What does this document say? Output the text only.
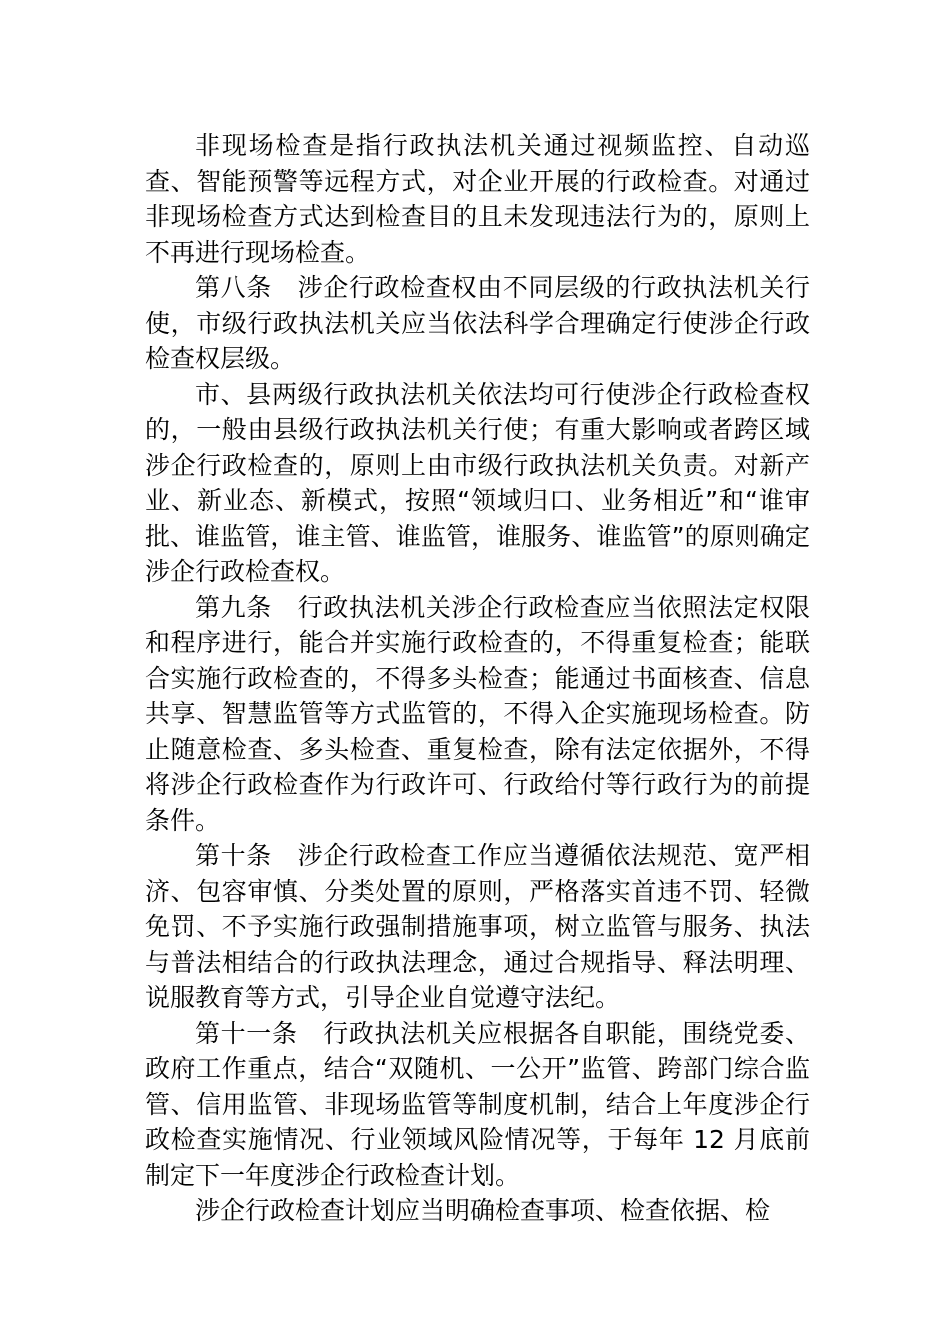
非现场检查是指行政执法机关通过视频监控、自动巡查、智能预警等远程方式，对企业开展的行政检查。对通过非现场检查方式达到检查目的且未发现违法行为的，原则上不再进行现场检查。

第八条　涉企行政检查权由不同层级的行政执法机关行使，市级行政执法机关应当依法科学合理确定行使涉企行政检查权层级。

市、县两级行政执法机关依法均可行使涉企行政检查权的，一般由县级行政执法机关行使；有重大影响或者跨区域涉企行政检查的，原则上由市级行政执法机关负责。对新产业、新业态、新模式，按照“领域归口、业务相近”和“谁审批、谁监管，谁主管、谁监管，谁服务、谁监管”的原则确定涉企行政检查权。

第九条　行政执法机关涉企行政检查应当依照法定权限和程序进行，能合并实施行政检查的，不得重复检查；能联合实施行政检查的，不得多头检查；能通过书面核查、信息共享、智慧监管等方式监管的，不得入企实施现场检查。防止随意检查、多头检查、重复检查，除有法定依据外，不得将涉企行政检查作为行政许可、行政给付等行政行为的前提条件。

第十条　涉企行政检查工作应当遵循依法规范、宽严相济、包容审慎、分类处置的原则，严格落实首违不罚、轻微免罚、不予实施行政强制措施事项，树立监管与服务、执法与普法相结合的行政执法理念，通过合规指导、释法明理、说服教育等方式，引导企业自觉遵守法纪。

第十一条　行政执法机关应根据各自职能，围绕党委、政府工作重点，结合“双随机、一公开”监管、跨部门综合监管、信用监管、非现场监管等制度机制，结合上年度涉企行政检查实施情况、行业领域风险情况等，于每年 12 月底前制定下一年度涉企行政检查计划。

涉企行政检查计划应当明确检查事项、检查依据、检
